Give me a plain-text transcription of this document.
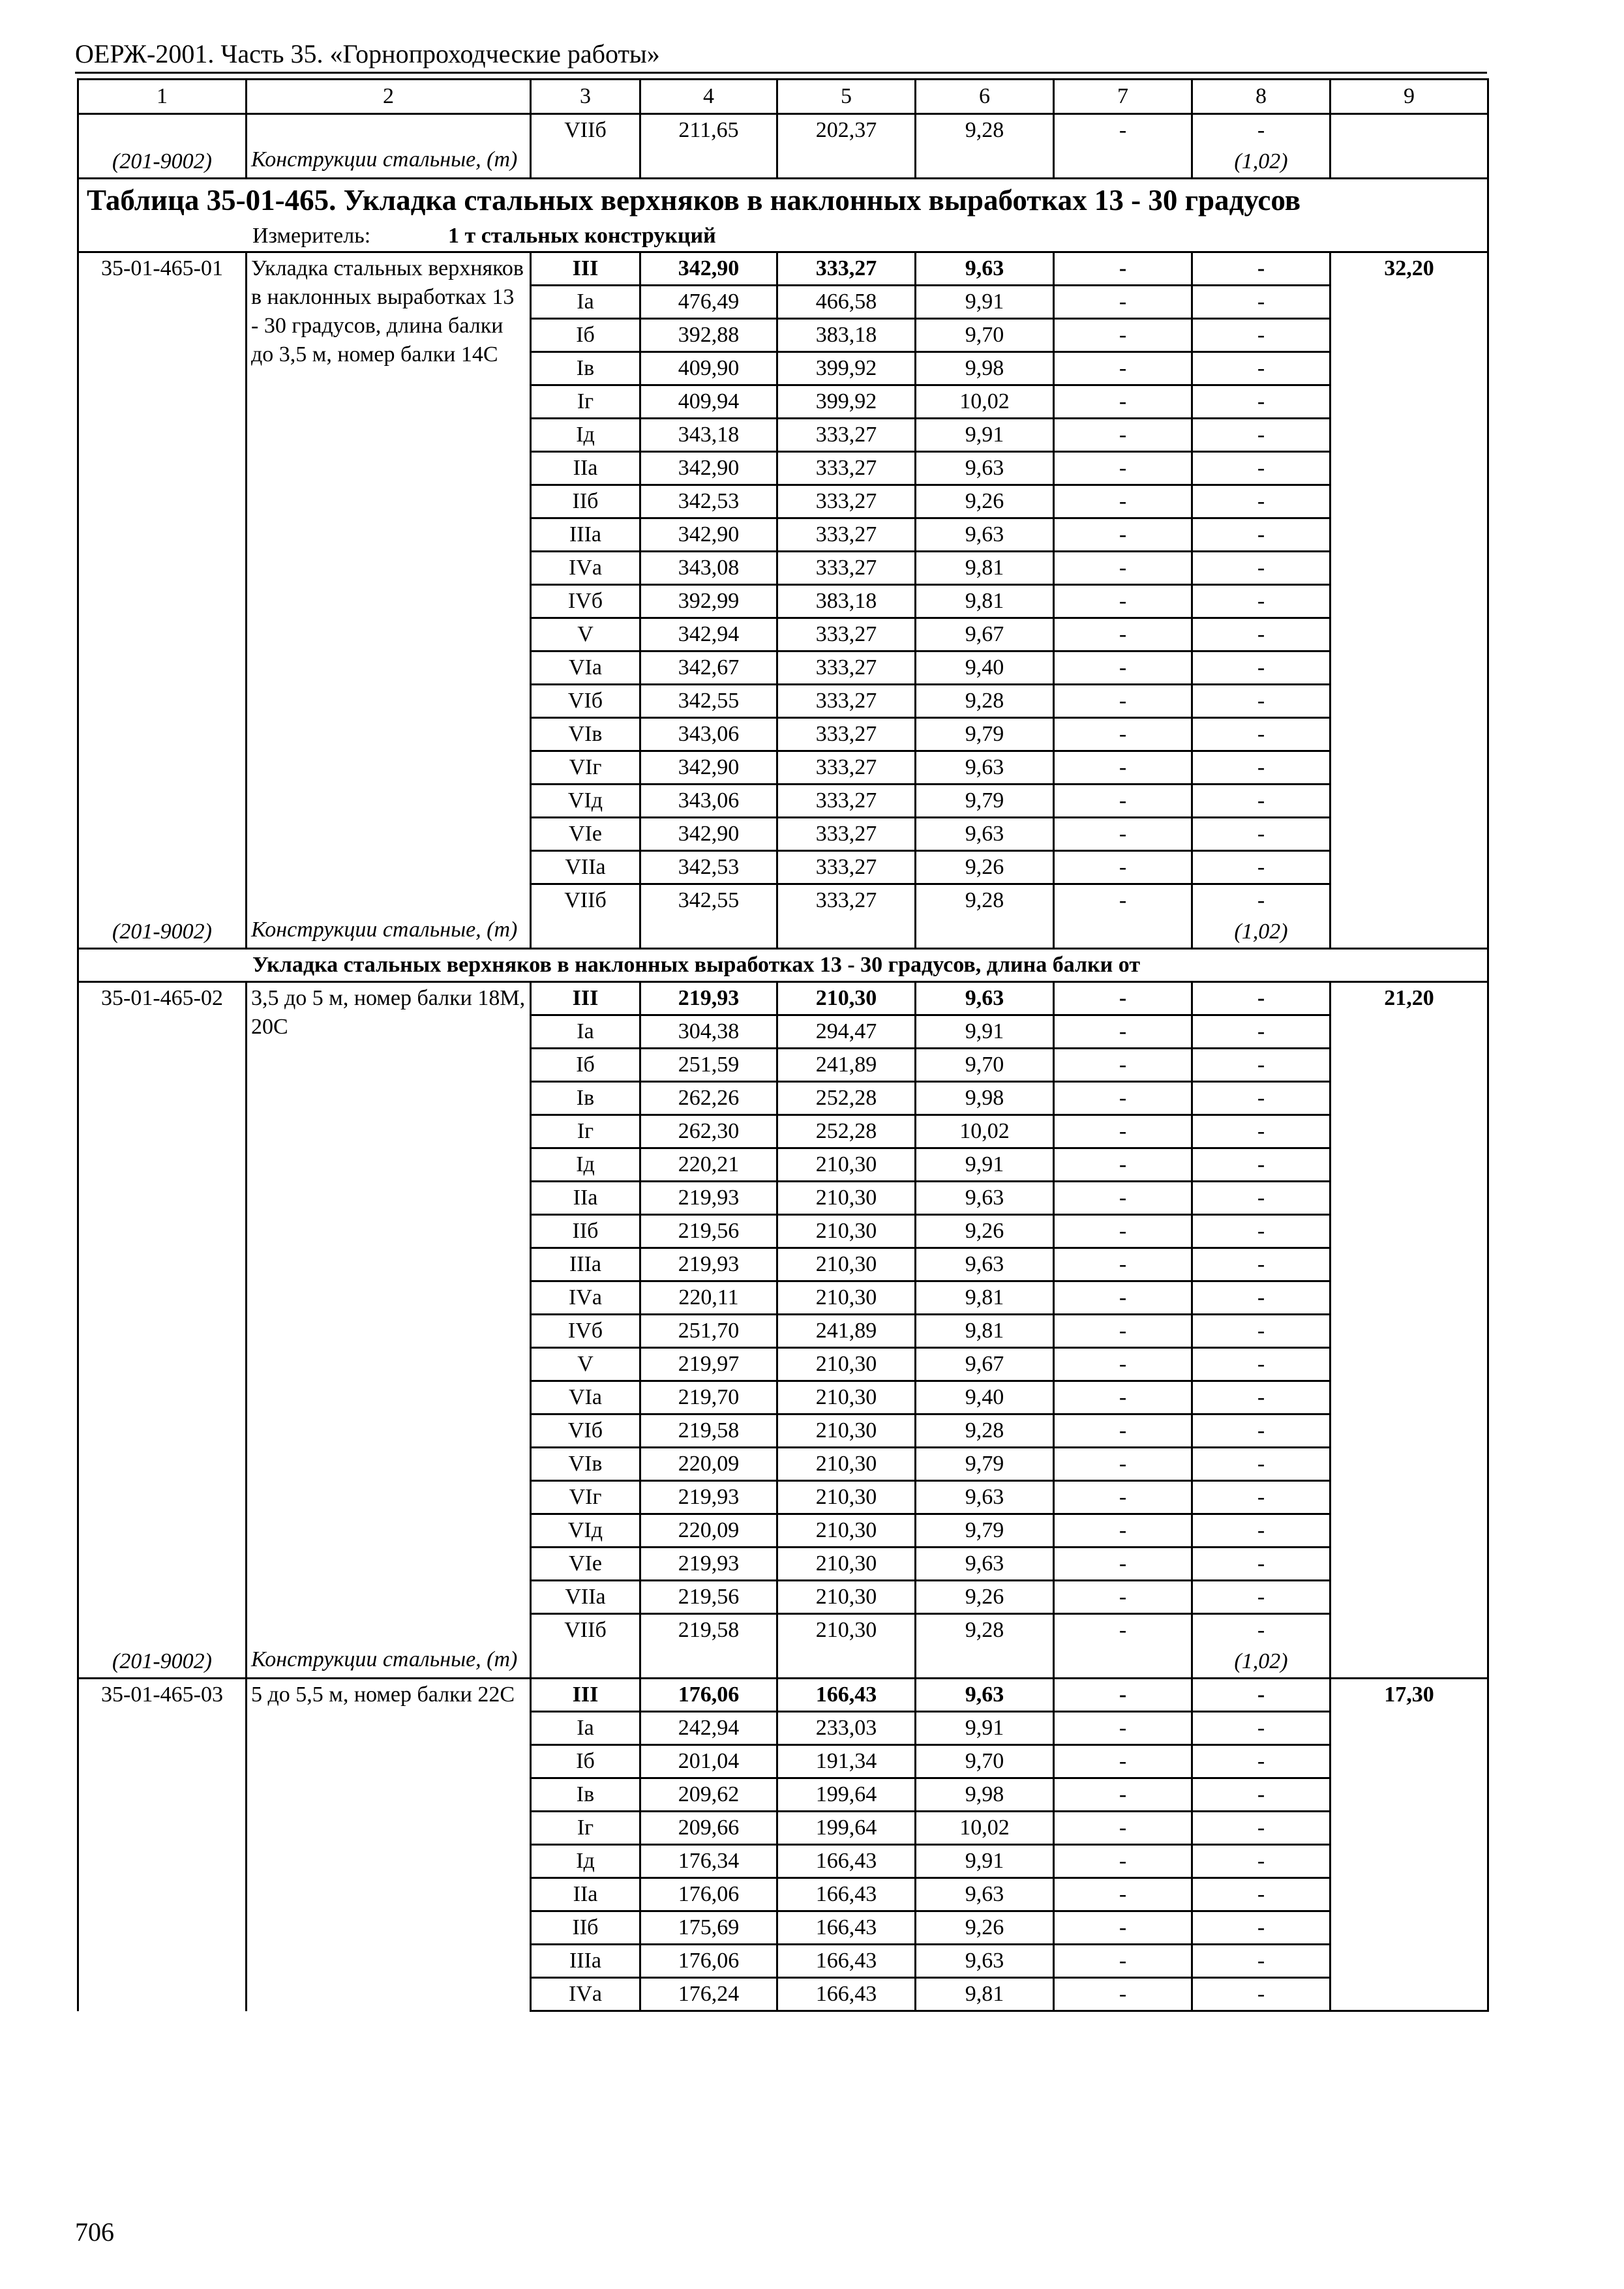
ОЕРЖ-2001. Часть 35. «Горнопроходческие работы»
1	2	3	4	5	6	7	8	9
		VIIб	211,65	202,37	9,28	-	-	
(201-9002)	Конструкции стальные, (т)						(1,02)	
Таблица 35-01-465. Укладка стальных верхняков в наклонных выработках 13 - 30 градусов								
Измеритель: 1 т стальных конструкций								
35-01-465-01	Укладка стальных верхняков в наклонных выработках 13 - 30 градусов, длина балки до 3,5 м, номер балки 14С	III	342,90	333,27	9,63	-	-	32,20
		Iа	476,49	466,58	9,91	-	-	
		Iб	392,88	383,18	9,70	-	-	
		Iв	409,90	399,92	9,98	-	-	
		Iг	409,94	399,92	10,02	-	-	
		Iд	343,18	333,27	9,91	-	-	
		IIа	342,90	333,27	9,63	-	-	
		IIб	342,53	333,27	9,26	-	-	
		IIIа	342,90	333,27	9,63	-	-	
		IVа	343,08	333,27	9,81	-	-	
		IVб	392,99	383,18	9,81	-	-	
		V	342,94	333,27	9,67	-	-	
		VIа	342,67	333,27	9,40	-	-	
		VIб	342,55	333,27	9,28	-	-	
		VIв	343,06	333,27	9,79	-	-	
		VIг	342,90	333,27	9,63	-	-	
		VIд	343,06	333,27	9,79	-	-	
		VIе	342,90	333,27	9,63	-	-	
		VIIа	342,53	333,27	9,26	-	-	
		VIIб	342,55	333,27	9,28	-	-	
(201-9002)	Конструкции стальные, (т)						(1,02)	
Укладка стальных верхняков в наклонных выработках 13 - 30 градусов, длина балки от								
35-01-465-02	3,5 до 5 м, номер балки 18М, 20С	III	219,93	210,30	9,63	-	-	21,20
		Iа	304,38	294,47	9,91	-	-	
		Iб	251,59	241,89	9,70	-	-	
		Iв	262,26	252,28	9,98	-	-	
		Iг	262,30	252,28	10,02	-	-	
		Iд	220,21	210,30	9,91	-	-	
		IIа	219,93	210,30	9,63	-	-	
		IIб	219,56	210,30	9,26	-	-	
		IIIа	219,93	210,30	9,63	-	-	
		IVа	220,11	210,30	9,81	-	-	
		IVб	251,70	241,89	9,81	-	-	
		V	219,97	210,30	9,67	-	-	
		VIа	219,70	210,30	9,40	-	-	
		VIб	219,58	210,30	9,28	-	-	
		VIв	220,09	210,30	9,79	-	-	
		VIг	219,93	210,30	9,63	-	-	
		VIд	220,09	210,30	9,79	-	-	
		VIе	219,93	210,30	9,63	-	-	
		VIIа	219,56	210,30	9,26	-	-	
		VIIб	219,58	210,30	9,28	-	-	
(201-9002)	Конструкции стальные, (т)						(1,02)	
35-01-465-03	5 до 5,5 м, номер балки 22С	III	176,06	166,43	9,63	-	-	17,30
		Iа	242,94	233,03	9,91	-	-	
		Iб	201,04	191,34	9,70	-	-	
		Iв	209,62	199,64	9,98	-	-	
		Iг	209,66	199,64	10,02	-	-	
		Iд	176,34	166,43	9,91	-	-	
		IIа	176,06	166,43	9,63	-	-	
		IIб	175,69	166,43	9,26	-	-	
		IIIа	176,06	166,43	9,63	-	-	
		IVа	176,24	166,43	9,81	-	-	
706
